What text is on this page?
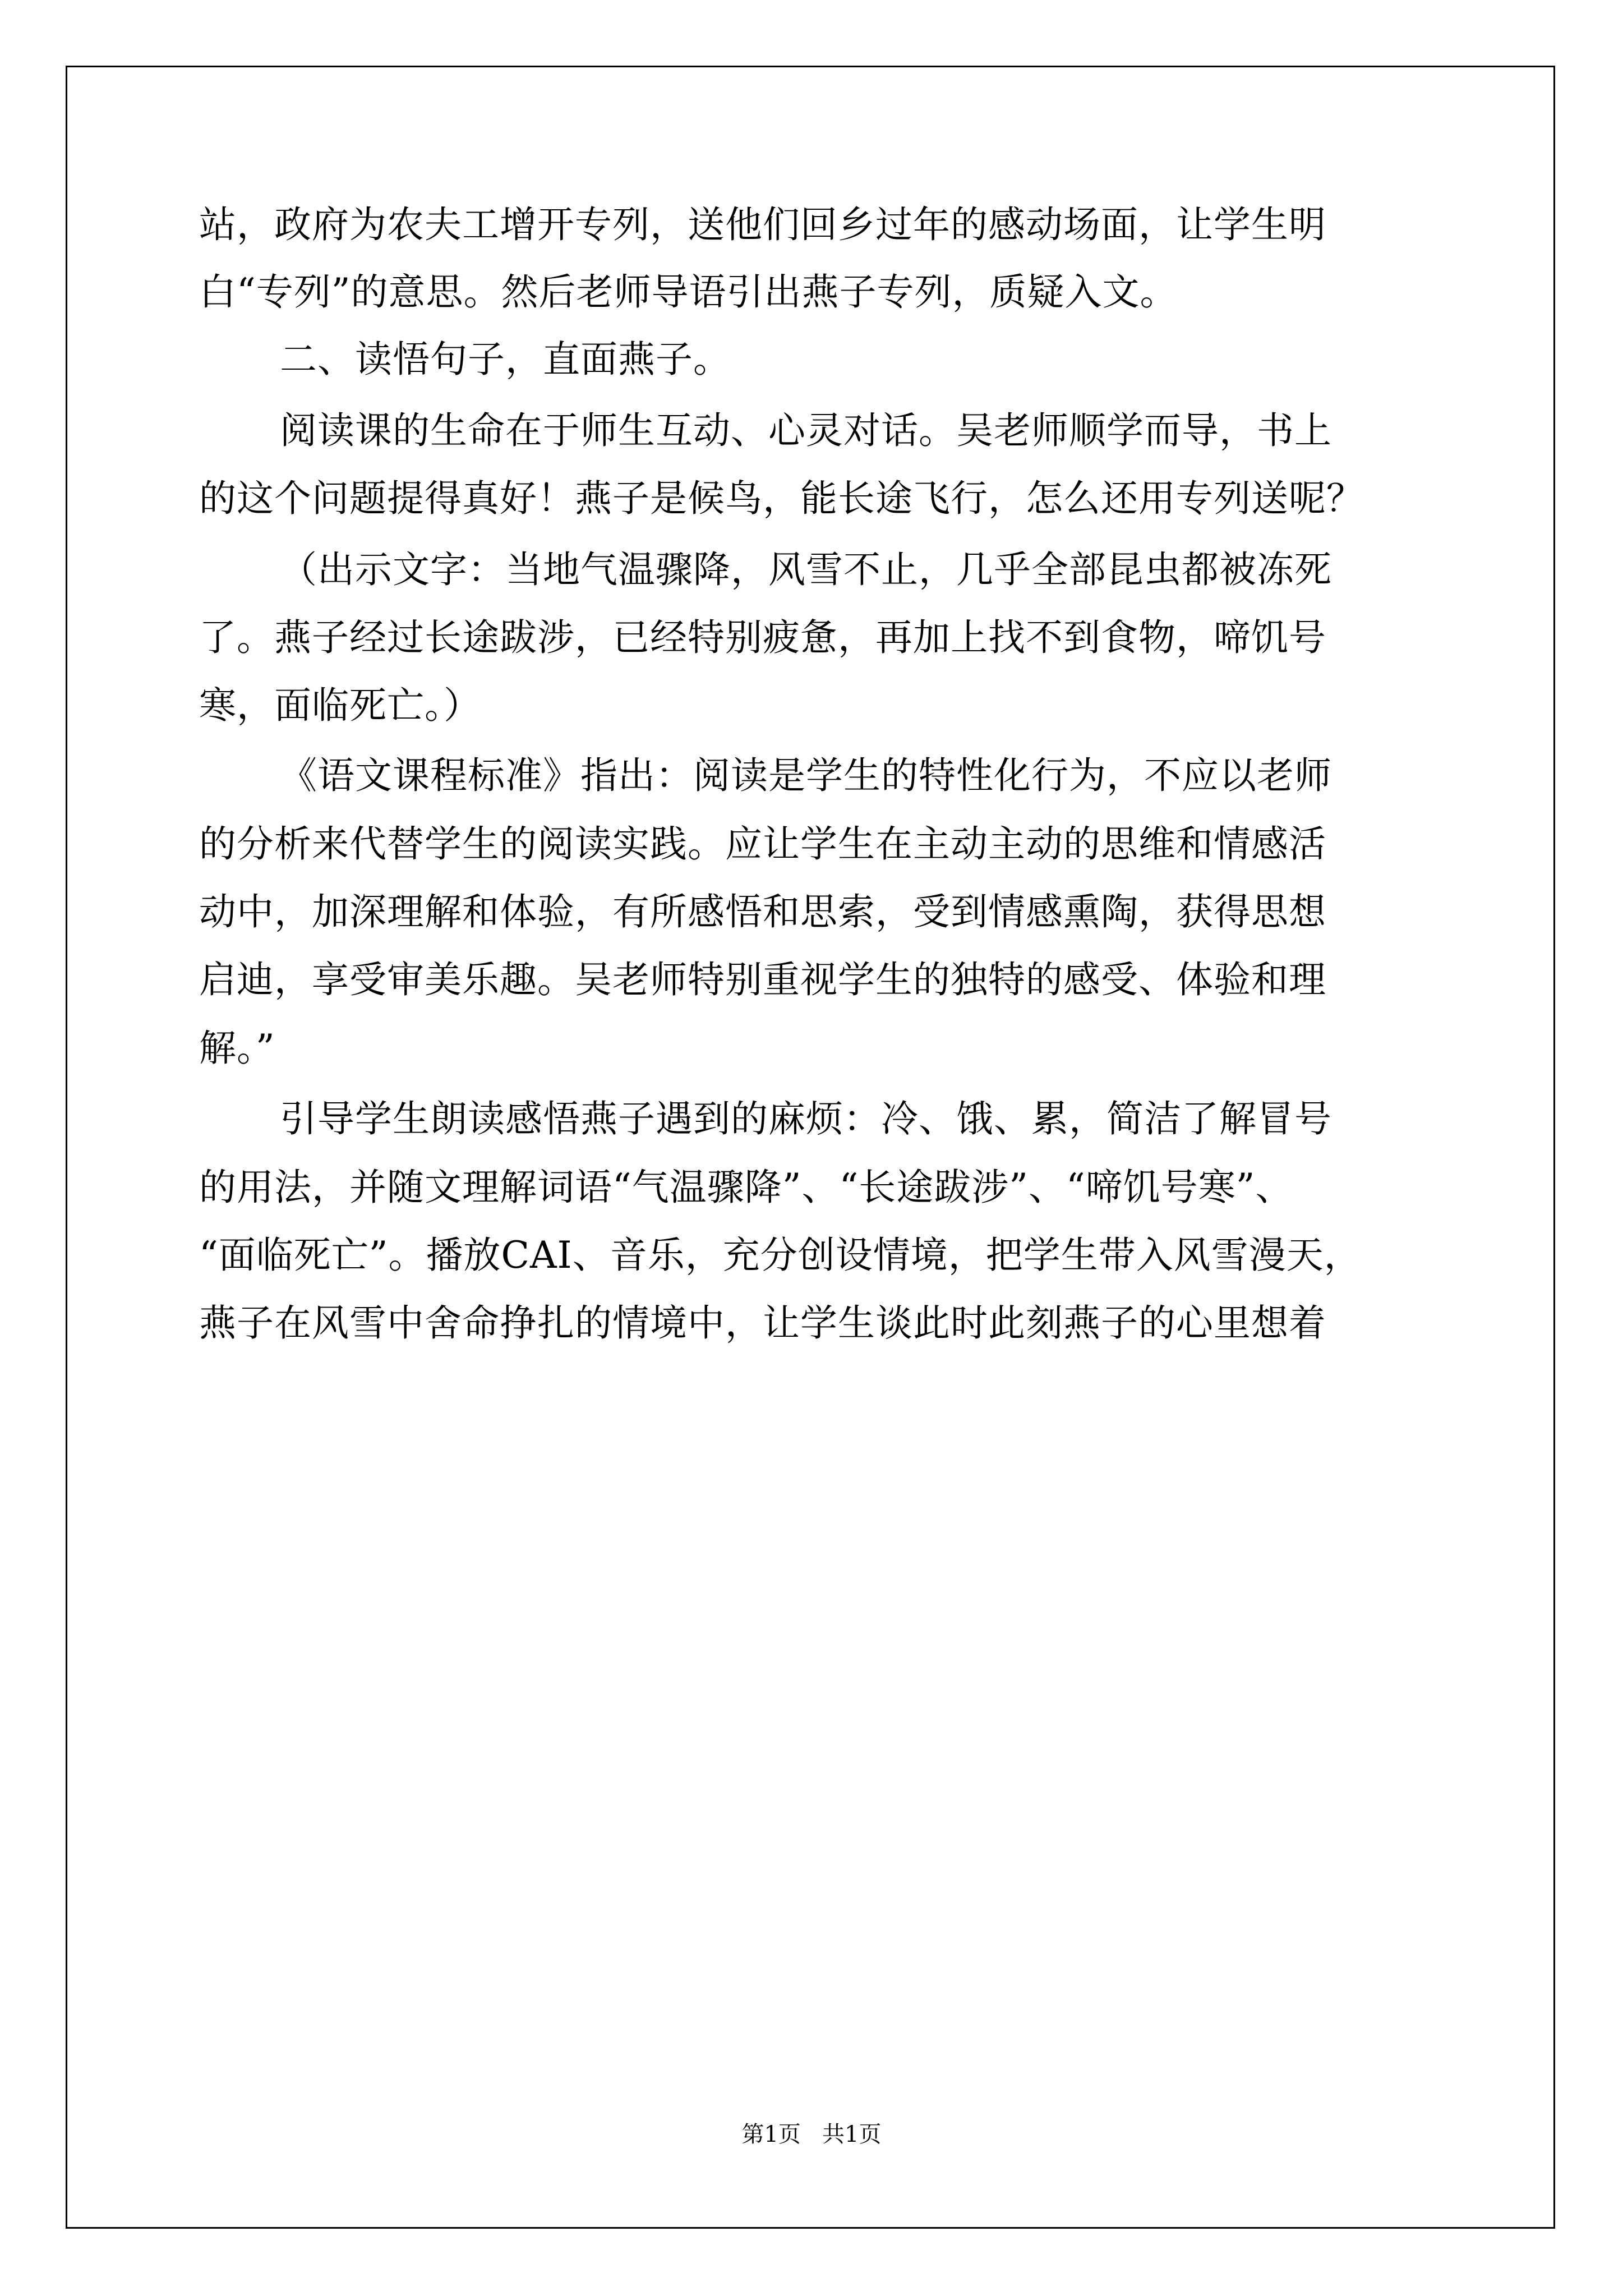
站，政府为农夫工增开专列，送他们回乡过年的感动场面，让学生明
白“专列”的意思。然后老师导语引出燕子专列，质疑入文。
二、读悟句子，直面燕子。
阅读课的生命在于师生互动、心灵对话。吴老师顺学而导，书上
的这个问题提得真好！燕子是候鸟，能长途飞行，怎么还用专列送呢？
（出示文字：当地气温骤降，风雪不止，几乎全部昆虫都被冻死
了。燕子经过长途跋涉，已经特别疲惫，再加上找不到食物，啼饥号
寒，面临死亡。）
《语文课程标准》指出：阅读是学生的特性化行为，不应以老师
的分析来代替学生的阅读实践。应让学生在主动主动的思维和情感活
动中，加深理解和体验，有所感悟和思索，受到情感熏陶，获得思想
启迪，享受审美乐趣。吴老师特别重视学生的独特的感受、体验和理
解。”
引导学生朗读感悟燕子遇到的麻烦：冷、饿、累，简洁了解冒号
的用法，并随文理解词语“气温骤降”、“长途跋涉”、“啼饥号寒”、
“面临死亡”。播放CAI、音乐，充分创设情境，把学生带入风雪漫天，
燕子在风雪中舍命挣扎的情境中，让学生谈此时此刻燕子的心里想着
第1页   共1页
